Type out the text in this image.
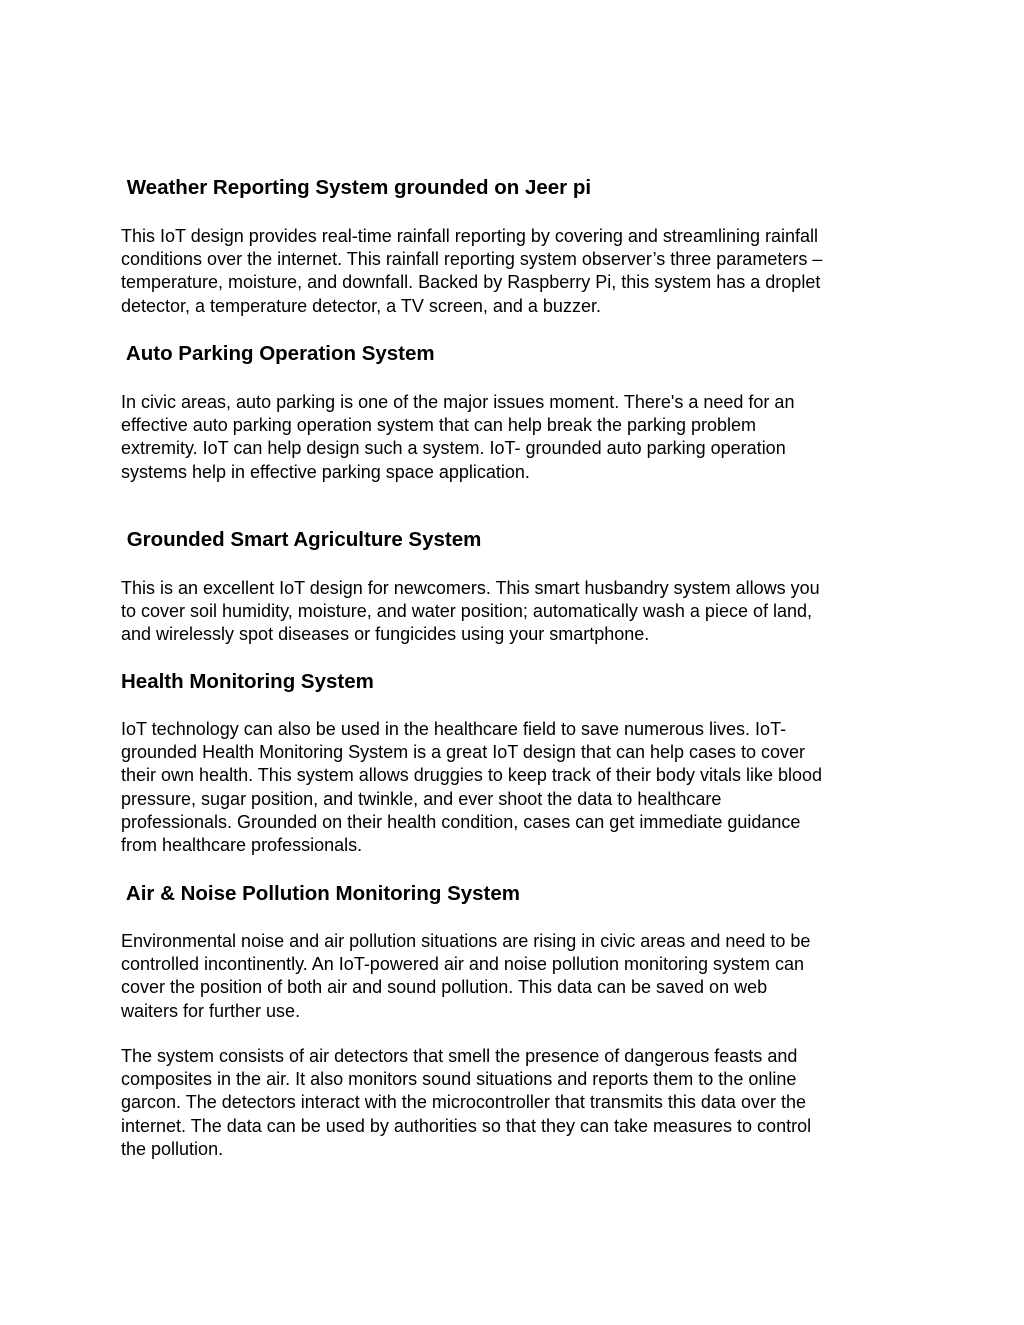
Weather Reporting System grounded on Jeer pi

This IoT design provides real-time rainfall reporting by covering and streamlining rainfall
conditions over the internet. This rainfall reporting system observer’s three parameters –
temperature, moisture, and downfall. Backed by Raspberry Pi, this system has a droplet
detector, a temperature detector, a TV screen, and a buzzer.

Auto Parking Operation System

In civic areas, auto parking is one of the major issues moment. There's a need for an
effective auto parking operation system that can help break the parking problem
extremity. IoT can help design such a system. IoT- grounded auto parking operation
systems help in effective parking space application.

Grounded Smart Agriculture System

This is an excellent IoT design for newcomers. This smart husbandry system allows you
to cover soil humidity, moisture, and water position; automatically wash a piece of land,
and wirelessly spot diseases or fungicides using your smartphone.

Health Monitoring System

IoT technology can also be used in the healthcare field to save numerous lives. IoT-
grounded Health Monitoring System is a great IoT design that can help cases to cover
their own health. This system allows druggies to keep track of their body vitals like blood
pressure, sugar position, and twinkle, and ever shoot the data to healthcare
professionals. Grounded on their health condition, cases can get immediate guidance
from healthcare professionals.

Air & Noise Pollution Monitoring System

Environmental noise and air pollution situations are rising in civic areas and need to be
controlled incontinently. An IoT-powered air and noise pollution monitoring system can
cover the position of both air and sound pollution. This data can be saved on web
waiters for further use.

The system consists of air detectors that smell the presence of dangerous feasts and
composites in the air. It also monitors sound situations and reports them to the online
garcon. The detectors interact with the microcontroller that transmits this data over the
internet. The data can be used by authorities so that they can take measures to control
the pollution.
